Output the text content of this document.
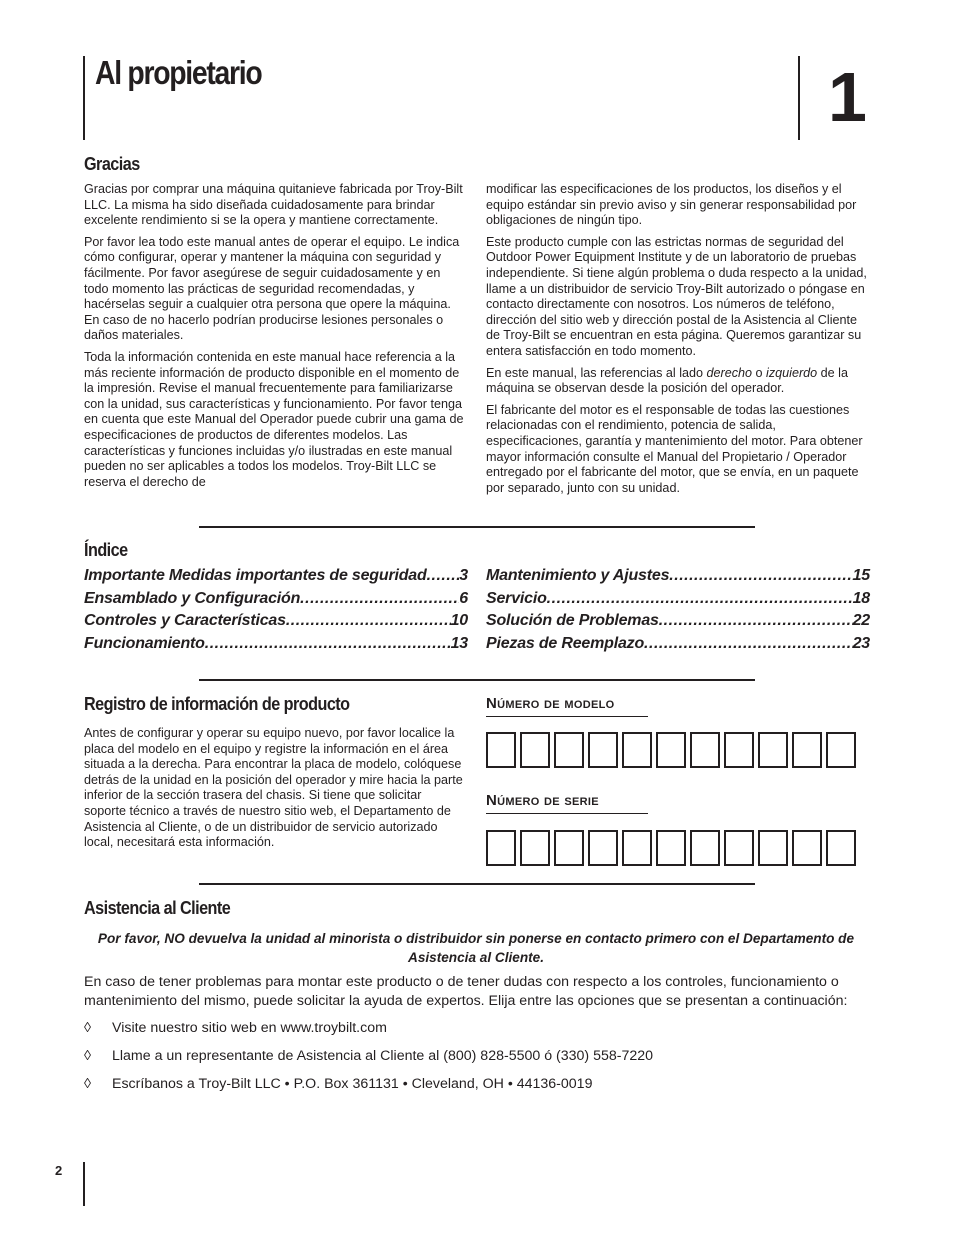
Al propietario	1
Gracias

Gracias por comprar una máquina quitanieve fabricada por Troy-Bilt LLC. La misma ha sido diseñada cuidadosamente para brindar excelente rendimiento si se la opera y mantiene correctamente.

Por favor lea todo este manual antes de operar el equipo. Le indica cómo configurar, operar y mantener la máquina con seguridad y fácilmente. Por favor asegúrese de seguir cuidadosamente y en todo momento las prácticas de seguridad recomendadas, y hacérselas seguir a cualquier otra persona que opere la máquina. En caso de no hacerlo podrían producirse lesiones personales o daños materiales.

Toda la información contenida en este manual hace referencia a la más reciente información de producto disponible en el momento de la impresión. Revise el manual frecuentemente para familiarizarse con la unidad, sus características y funcionamiento. Por favor tenga en cuenta que este Manual del Operador puede cubrir una gama de especificaciones de productos de diferentes modelos. Las características y funciones incluidas y/o ilustradas en este manual pueden no ser aplicables a todos los modelos. Troy-Bilt LLC se reserva el derecho de

modificar las especificaciones de los productos, los diseños y el equipo estándar sin previo aviso y sin generar responsabilidad por obligaciones de ningún tipo.

Este producto cumple con las estrictas normas de seguridad del Outdoor Power Equipment Institute y de un laboratorio de pruebas independiente. Si tiene algún problema o duda respecto a la unidad, llame a un distribuidor de servicio Troy-Bilt autorizado o póngase en contacto directamente con nosotros. Los números de teléfono, dirección del sitio web y dirección postal de la Asistencia al Cliente de Troy-Bilt se encuentran en esta página. Queremos garantizar su entera satisfacción en todo momento.

En este manual, las referencias al lado derecho o izquierdo de la máquina se observan desde la posición del operador.

El fabricante del motor es el responsable de todas las cuestiones relacionadas con el rendimiento, potencia de salida, especificaciones, garantía y mantenimiento del motor. Para obtener mayor información consulte el Manual del Propietario / Operador entregado por el fabricante del motor, que se envía, en un paquete por separado, junto con su unidad.

Índice
Importante Medidas importantes de seguridad ..... 3
Ensamblado y Configuración .....	6
Controles y Características .....	10
Funcionamiento .....	13
Mantenimiento y Ajustes .....	15
Servicio .....	18
Solución de Problemas .....	22
Piezas de Reemplazo .....	23
Registro de información de producto
Antes de configurar y operar su equipo nuevo, por favor localice la placa del modelo en el equipo y registre la información en el área situada a la derecha. Para encontrar la placa de modelo, colóquese detrás de la unidad en la posición del operador y mire hacia la parte inferior de la sección trasera del chasis. Si tiene que solicitar soporte técnico a través de nuestro sitio web, el Departamento de Asistencia al Cliente, o de un distribuidor de servicio autorizado local, necesitará esta información.
Número de modelo
Número de serie
Asistencia al Cliente
Por favor, NO devuelva la unidad al minorista o distribuidor sin ponerse en contacto primero con el Departamento de Asistencia al Cliente.
En caso de tener problemas para montar este producto o de tener dudas con respecto a los controles, funcionamiento o mantenimiento del mismo, puede solicitar la ayuda de expertos. Elija entre las opciones que se presentan a continuación:
◊ Visite nuestro sitio web en www.troybilt.com
◊ Llame a un representante de Asistencia al Cliente al (800) 828-5500 ó (330) 558-7220
◊ Escríbanos a Troy-Bilt LLC • P.O. Box 361131 • Cleveland, OH • 44136-0019
2
